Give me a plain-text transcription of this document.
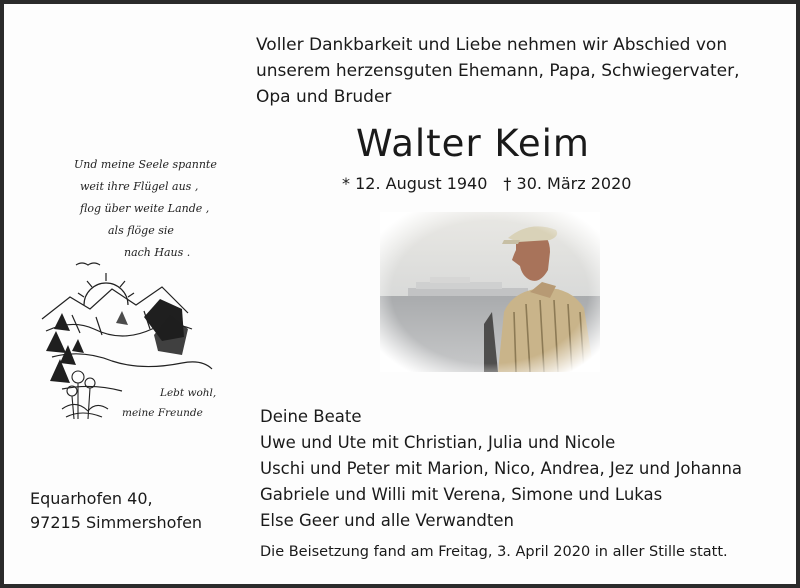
Voller Dankbarkeit und Liebe nehmen wir Abschied von
unserem herzensguten Ehemann, Papa, Schwiegervater,
Opa und Bruder
Walter Keim
* 12. August 1940 † 30. März 2020
Und meine Seele spannte
weit ihre Flügel aus ,
flog über weite Lande ,
als flöge sie
nach Haus .
Lebt wohl,
meine Freunde	Deine Beate
Uwe und Ute mit Christian, Julia und Nicole
Uschi und Peter mit Marion, Nico, Andrea, Jez und Johanna
Gabriele und Willi mit Verena, Simone und Lukas
Else Geer und alle Verwandten
Equarhofen 40,
97215 Simmershofen
Die Beisetzung fand am Freitag, 3. April 2020 in aller Stille statt.
